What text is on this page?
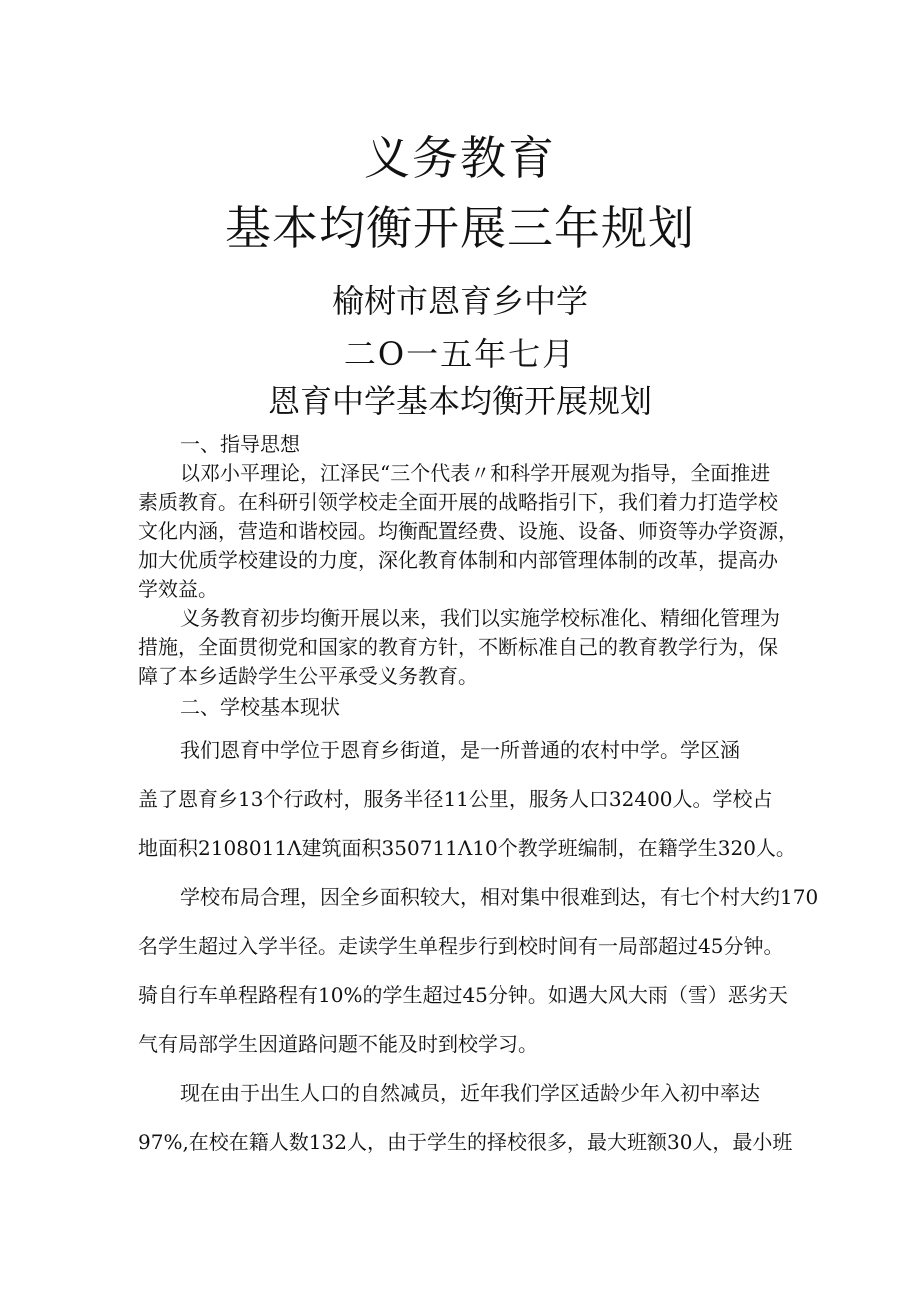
义务教育
基本均衡开展三年规划
榆树市恩育乡中学
二O一五年七月
恩育中学基本均衡开展规划
一、指导思想
以邓小平理论，江泽民“三个代表〃和科学开展观为指导，全面推进
素质教育。在科研引领学校走全面开展的战略指引下，我们着力打造学校
文化内涵，营造和谐校园。均衡配置经费、设施、设备、师资等办学资源，
加大优质学校建设的力度，深化教育体制和内部管理体制的改革，提高办
学效益。
义务教育初步均衡开展以来，我们以实施学校标准化、精细化管理为
措施，全面贯彻党和国家的教育方针，不断标准自己的教育教学行为，保
障了本乡适龄学生公平承受义务教育。
二、学校基本现状
我们恩育中学位于恩育乡街道，是一所普通的农村中学。学区涵
盖了恩育乡13个行政村，服务半径11公里，服务人口32400人。学校占
地面积2108011Λ建筑面积350711Λ10个教学班编制，在籍学生320人。
学校布局合理，因全乡面积较大，相对集中很难到达，有七个村大约170
名学生超过入学半径。走读学生单程步行到校时间有一局部超过45分钟。
骑自行车单程路程有10%的学生超过45分钟。如遇大风大雨（雪）恶劣天
气有局部学生因道路问题不能及时到校学习。
现在由于出生人口的自然减员，近年我们学区适龄少年入初中率达
97%,在校在籍人数132人，由于学生的择校很多，最大班额30人，最小班
